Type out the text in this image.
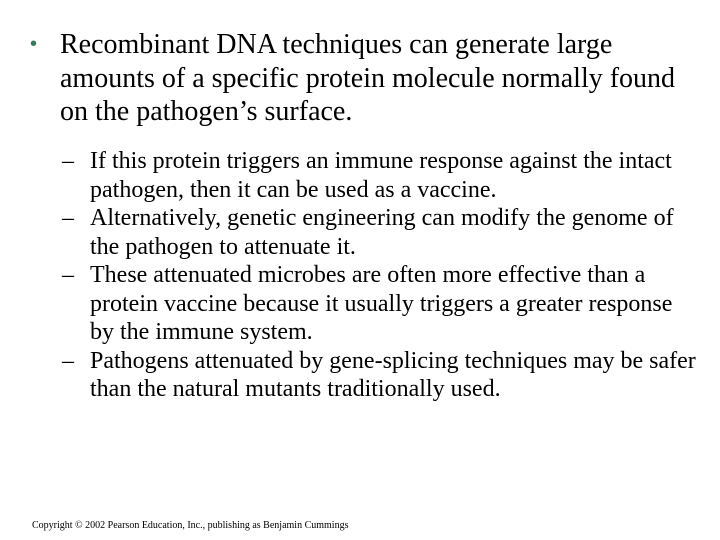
• Recombinant DNA techniques can generate large amounts of a specific protein molecule normally found on the pathogen’s surface.
– If this protein triggers an immune response against the intact pathogen, then it can be used as a vaccine.
– Alternatively, genetic engineering can modify the genome of the pathogen to attenuate it.
– These attenuated microbes are often more effective than a protein vaccine because it usually triggers a greater response by the immune system.
– Pathogens attenuated by gene-splicing techniques may be safer than the natural mutants traditionally used.
Copyright © 2002 Pearson Education, Inc., publishing as Benjamin Cummings
